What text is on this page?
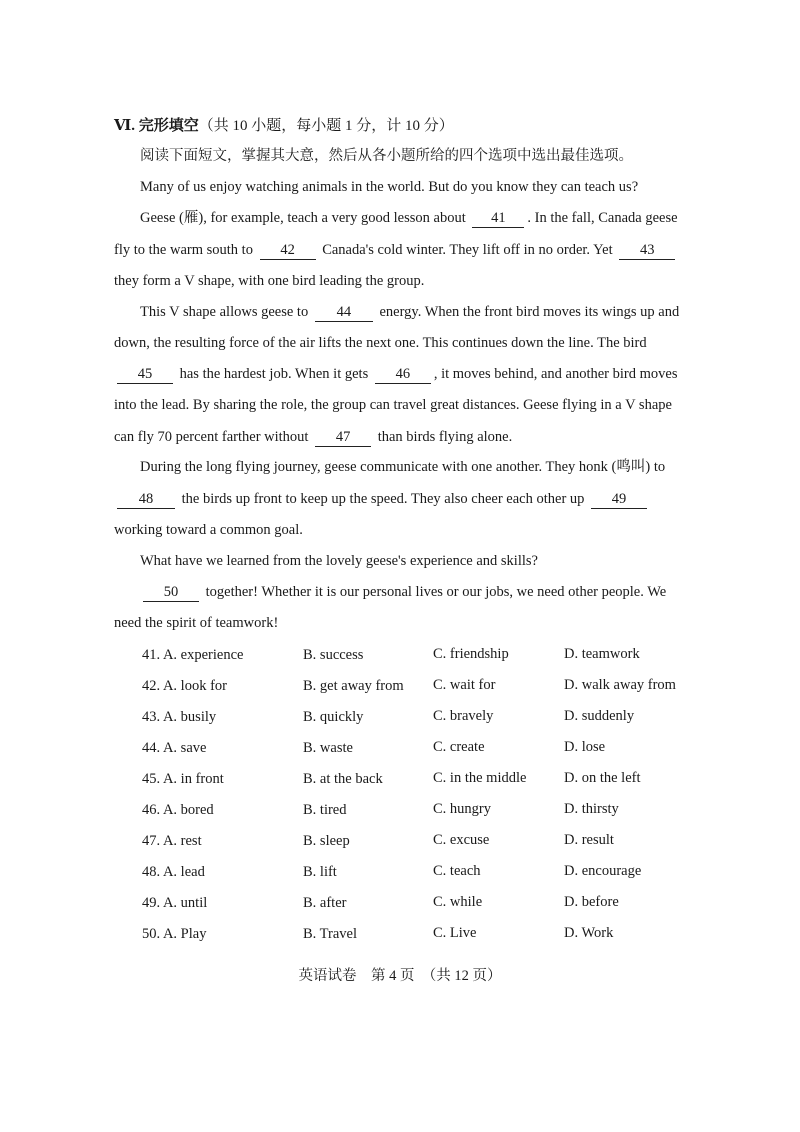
Ⅵ. 完形填空（共 10 小题，每小题 1 分，计 10 分）
阅读下面短文，掌握其大意，然后从各小题所给的四个选项中选出最佳选项。
Many of us enjoy watching animals in the world. But do you know they can teach us?
Geese (雁), for example, teach a very good lesson about 41 . In the fall, Canada geese
fly to the warm south to 42 Canada's cold winter. They lift off in no order. Yet 43
they form a V shape, with one bird leading the group.
This V shape allows geese to 44 energy. When the front bird moves its wings up and
down, the resulting force of the air lifts the next one. This continues down the line. The bird
45 has the hardest job. When it gets 46 , it moves behind, and another bird moves
into the lead. By sharing the role, the group can travel great distances. Geese flying in a V shape
can fly 70 percent farther without 47 than birds flying alone.
During the long flying journey, geese communicate with one another. They honk (鸣叫) to
48 the birds up front to keep up the speed. They also cheer each other up 49
working toward a common goal.
What have we learned from the lovely geese's experience and skills?
50 together! Whether it is our personal lives or our jobs, we need other people. We
need the spirit of teamwork!
41. A. experience	B. success	C. friendship	D. teamwork
42. A. look for	B. get away from C. wait for	D. walk away from
43. A. busily	B. quickly	C. bravely	D. suddenly
44. A. save	B. waste	C. create	D. lose
45. A. in front	B. at the back	C. in the middle	D. on the left
46. A. bored	B. tired	C. hungry	D. thirsty
47. A. rest	B. sleep	C. excuse	D. result
48. A. lead	B. lift	C. teach	D. encourage
49. A. until	B. after	C. while	D. before
50. A. Play	B. Travel	C. Live	D. Work
英语试卷　第 4 页　（共 12 页）
